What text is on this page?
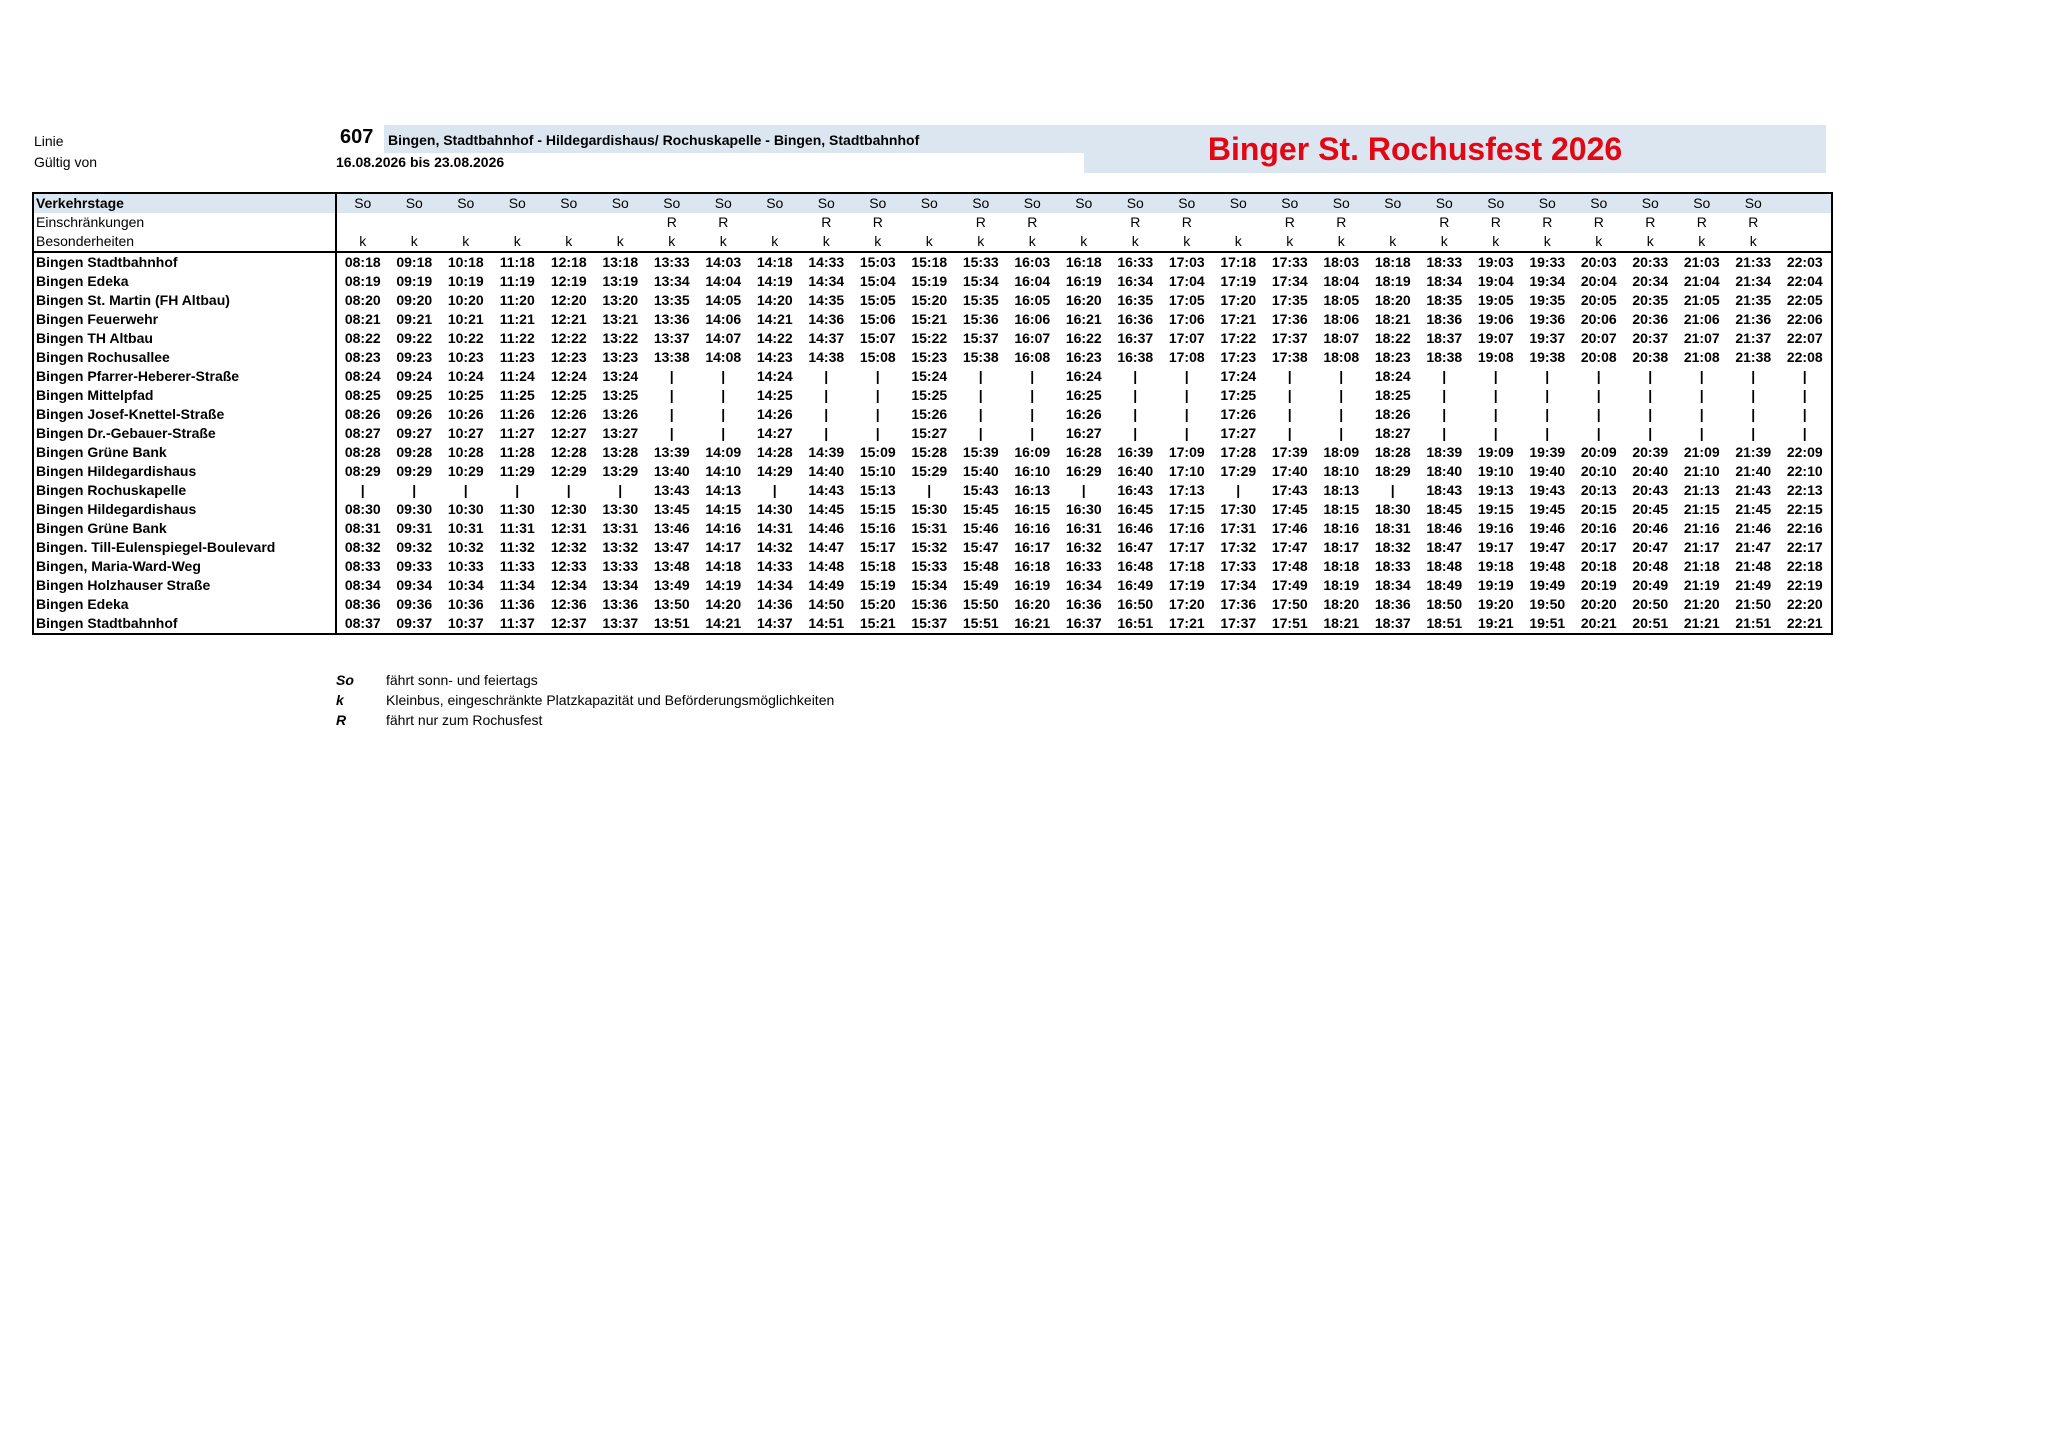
Linie
Gültig von
607 Bingen, Stadtbahnhof - Hildegardishaus/ Rochuskapelle - Bingen, Stadtbahnhof
16.08.2026 bis 23.08.2026	Binger St. Rochusfest 2026
Verkehrstage	So	So	So	So	So	So	So	So	So	So	So	So	So	So	So	So	So	So	So	So	So	So	So	So	So	So	So	So	
Einschränkungen							R	R		R	R		R	R		R	R		R	R		R	R	R	R	R	R	R	
Besonderheiten	k	k	k	k	k	k	k	k	k	k	k	k	k	k	k	k	k	k	k	k	k	k	k	k	k	k	k	k	
Bingen Stadtbahnhof	08:18	09:18	10:18	11:18	12:18	13:18	13:33	14:03	14:18	14:33	15:03	15:18	15:33	16:03	16:18	16:33	17:03	17:18	17:33	18:03	18:18	18:33	19:03	19:33	20:03	20:33	21:03	21:33	22:03
Bingen Edeka	08:19	09:19	10:19	11:19	12:19	13:19	13:34	14:04	14:19	14:34	15:04	15:19	15:34	16:04	16:19	16:34	17:04	17:19	17:34	18:04	18:19	18:34	19:04	19:34	20:04	20:34	21:04	21:34	22:04
Bingen St. Martin (FH Altbau)	08:20	09:20	10:20	11:20	12:20	13:20	13:35	14:05	14:20	14:35	15:05	15:20	15:35	16:05	16:20	16:35	17:05	17:20	17:35	18:05	18:20	18:35	19:05	19:35	20:05	20:35	21:05	21:35	22:05
Bingen Feuerwehr	08:21	09:21	10:21	11:21	12:21	13:21	13:36	14:06	14:21	14:36	15:06	15:21	15:36	16:06	16:21	16:36	17:06	17:21	17:36	18:06	18:21	18:36	19:06	19:36	20:06	20:36	21:06	21:36	22:06
Bingen TH Altbau	08:22	09:22	10:22	11:22	12:22	13:22	13:37	14:07	14:22	14:37	15:07	15:22	15:37	16:07	16:22	16:37	17:07	17:22	17:37	18:07	18:22	18:37	19:07	19:37	20:07	20:37	21:07	21:37	22:07
Bingen Rochusallee	08:23	09:23	10:23	11:23	12:23	13:23	13:38	14:08	14:23	14:38	15:08	15:23	15:38	16:08	16:23	16:38	17:08	17:23	17:38	18:08	18:23	18:38	19:08	19:38	20:08	20:38	21:08	21:38	22:08
Bingen Pfarrer-Heberer-Straße	08:24	09:24	10:24	11:24	12:24	13:24	|	|	14:24	|	|	15:24	|	|	16:24	|	|	17:24	|	|	18:24	|	|	|	|	|	|	|	|
Bingen Mittelpfad	08:25	09:25	10:25	11:25	12:25	13:25	|	|	14:25	|	|	15:25	|	|	16:25	|	|	17:25	|	|	18:25	|	|	|	|	|	|	|	|
Bingen Josef-Knettel-Straße	08:26	09:26	10:26	11:26	12:26	13:26	|	|	14:26	|	|	15:26	|	|	16:26	|	|	17:26	|	|	18:26	|	|	|	|	|	|	|	|
Bingen Dr.-Gebauer-Straße	08:27	09:27	10:27	11:27	12:27	13:27	|	|	14:27	|	|	15:27	|	|	16:27	|	|	17:27	|	|	18:27	|	|	|	|	|	|	|	|
Bingen Grüne Bank	08:28	09:28	10:28	11:28	12:28	13:28	13:39	14:09	14:28	14:39	15:09	15:28	15:39	16:09	16:28	16:39	17:09	17:28	17:39	18:09	18:28	18:39	19:09	19:39	20:09	20:39	21:09	21:39	22:09
Bingen Hildegardishaus	08:29	09:29	10:29	11:29	12:29	13:29	13:40	14:10	14:29	14:40	15:10	15:29	15:40	16:10	16:29	16:40	17:10	17:29	17:40	18:10	18:29	18:40	19:10	19:40	20:10	20:40	21:10	21:40	22:10
Bingen Rochuskapelle	|	|	|	|	|	|	13:43	14:13	|	14:43	15:13	|	15:43	16:13	|	16:43	17:13	|	17:43	18:13	|	18:43	19:13	19:43	20:13	20:43	21:13	21:43	22:13
Bingen Hildegardishaus	08:30	09:30	10:30	11:30	12:30	13:30	13:45	14:15	14:30	14:45	15:15	15:30	15:45	16:15	16:30	16:45	17:15	17:30	17:45	18:15	18:30	18:45	19:15	19:45	20:15	20:45	21:15	21:45	22:15
Bingen Grüne Bank	08:31	09:31	10:31	11:31	12:31	13:31	13:46	14:16	14:31	14:46	15:16	15:31	15:46	16:16	16:31	16:46	17:16	17:31	17:46	18:16	18:31	18:46	19:16	19:46	20:16	20:46	21:16	21:46	22:16
Bingen. Till-Eulenspiegel-Boulevard	08:32	09:32	10:32	11:32	12:32	13:32	13:47	14:17	14:32	14:47	15:17	15:32	15:47	16:17	16:32	16:47	17:17	17:32	17:47	18:17	18:32	18:47	19:17	19:47	20:17	20:47	21:17	21:47	22:17
Bingen, Maria-Ward-Weg	08:33	09:33	10:33	11:33	12:33	13:33	13:48	14:18	14:33	14:48	15:18	15:33	15:48	16:18	16:33	16:48	17:18	17:33	17:48	18:18	18:33	18:48	19:18	19:48	20:18	20:48	21:18	21:48	22:18
Bingen Holzhauser Straße	08:34	09:34	10:34	11:34	12:34	13:34	13:49	14:19	14:34	14:49	15:19	15:34	15:49	16:19	16:34	16:49	17:19	17:34	17:49	18:19	18:34	18:49	19:19	19:49	20:19	20:49	21:19	21:49	22:19
Bingen Edeka	08:36	09:36	10:36	11:36	12:36	13:36	13:50	14:20	14:36	14:50	15:20	15:36	15:50	16:20	16:36	16:50	17:20	17:36	17:50	18:20	18:36	18:50	19:20	19:50	20:20	20:50	21:20	21:50	22:20
Bingen Stadtbahnhof	08:37	09:37	10:37	11:37	12:37	13:37	13:51	14:21	14:37	14:51	15:21	15:37	15:51	16:21	16:37	16:51	17:21	17:37	17:51	18:21	18:37	18:51	19:21	19:51	20:21	20:51	21:21	21:51	22:21
So fährt sonn- und feiertags
k	Kleinbus, eingeschränkte Platzkapazität und Beförderungsmöglichkeiten
R	fährt nur zum Rochusfest
